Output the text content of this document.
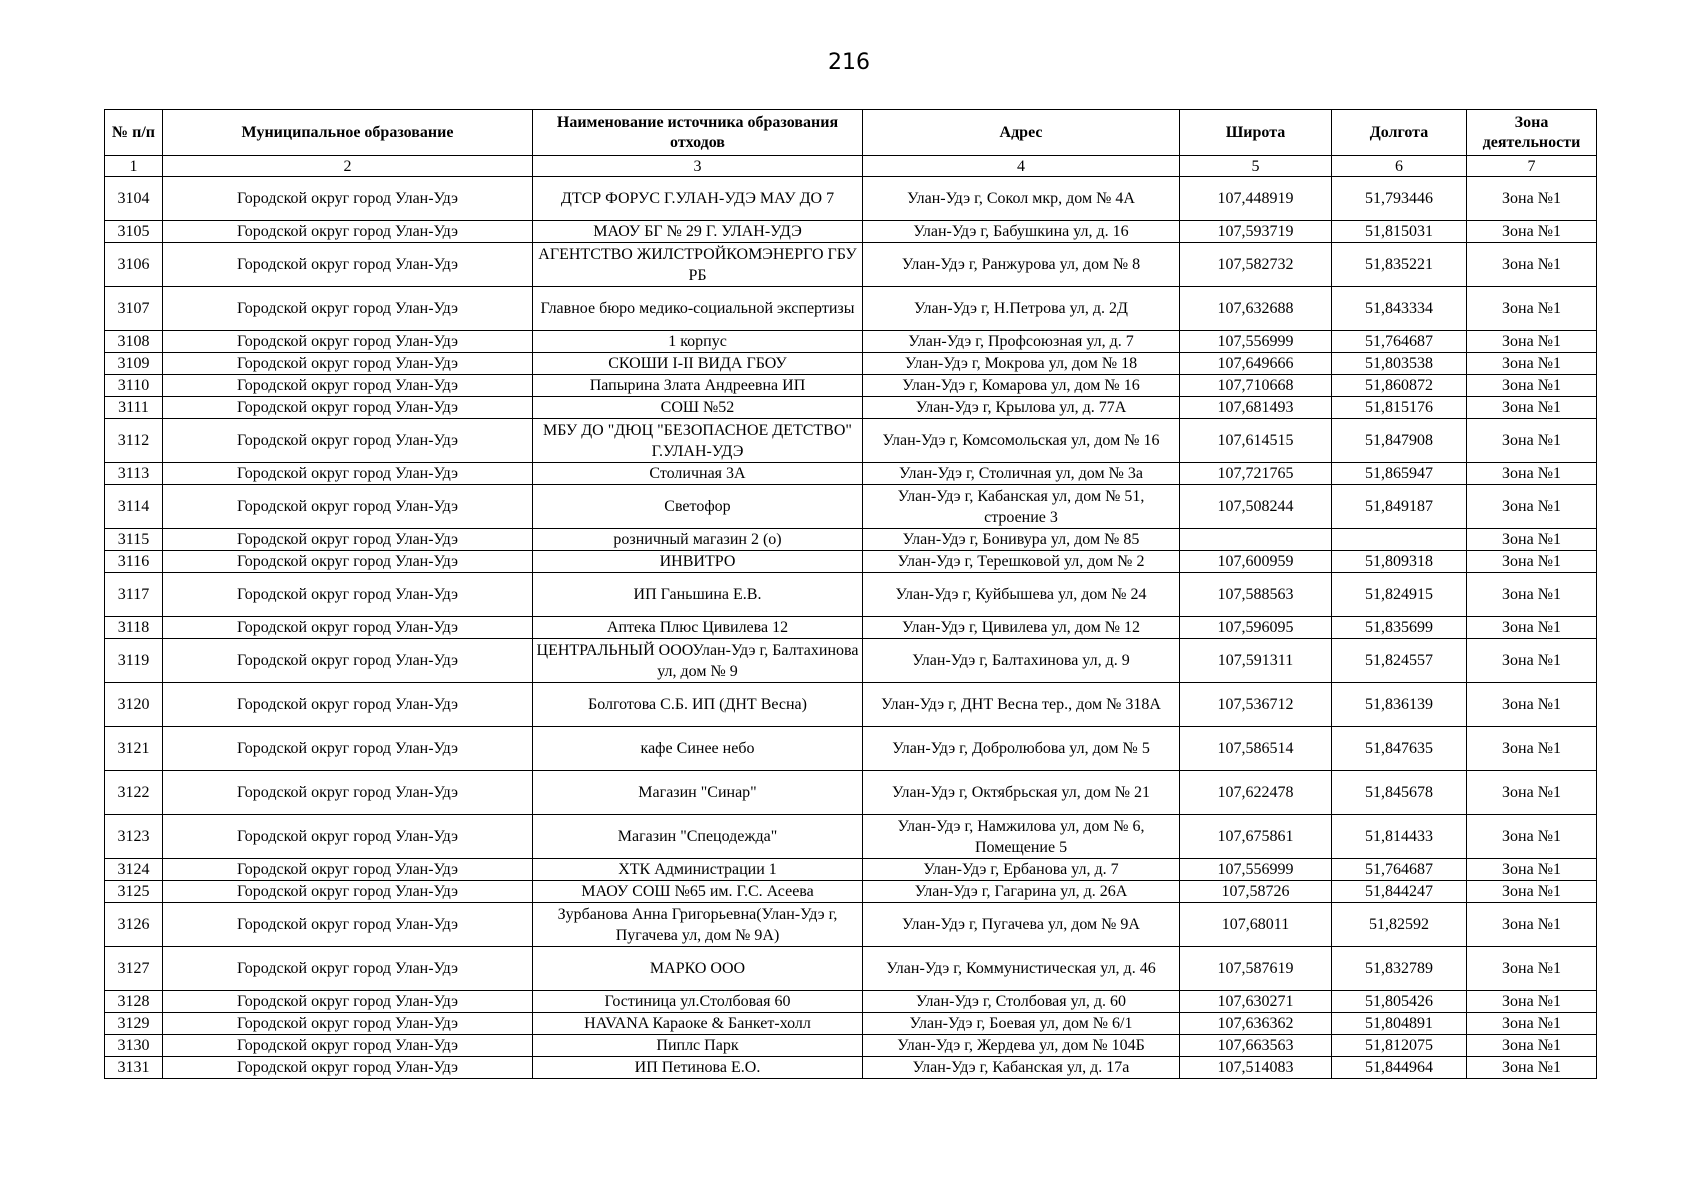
216
№ п/п	Муниципальное образование	Наименование источника образования отходов	Адрес	Широта	Долгота	Зона деятельности
1	2	3	4	5	6	7
3104	Городской округ город Улан-Удэ	ДТСР ФОРУС Г.УЛАН-УДЭ МАУ ДО 7	Улан-Удэ г, Сокол мкр, дом № 4А	107,448919	51,793446	Зона №1
3105	Городской округ город Улан-Удэ	МАОУ БГ № 29 Г. УЛАН-УДЭ	Улан-Удэ г, Бабушкина ул, д. 16	107,593719	51,815031	Зона №1
3106	Городской округ город Улан-Удэ	АГЕНТСТВО ЖИЛСТРОЙКОМЭНЕРГО ГБУ РБ	Улан-Удэ г, Ранжурова ул, дом № 8	107,582732	51,835221	Зона №1
3107	Городской округ город Улан-Удэ	Главное бюро медико-социальной экспертизы	Улан-Удэ г, Н.Петрова ул, д. 2Д	107,632688	51,843334	Зона №1
3108	Городской округ город Улан-Удэ	1 корпус	Улан-Удэ г, Профсоюзная ул, д. 7	107,556999	51,764687	Зона №1
3109	Городской округ город Улан-Удэ	СКОШИ I-II ВИДА ГБОУ	Улан-Удэ г, Мокрова ул, дом № 18	107,649666	51,803538	Зона №1
3110	Городской округ город Улан-Удэ	Папырина Злата Андреевна ИП	Улан-Удэ г, Комарова ул, дом № 16	107,710668	51,860872	Зона №1
3111	Городской округ город Улан-Удэ	СОШ №52	Улан-Удэ г, Крылова ул, д. 77А	107,681493	51,815176	Зона №1
3112	Городской округ город Улан-Удэ	МБУ ДО "ДЮЦ "БЕЗОПАСНОЕ ДЕТСТВО" Г.УЛАН-УДЭ	Улан-Удэ г, Комсомольская ул, дом № 16	107,614515	51,847908	Зона №1
3113	Городской округ город Улан-Удэ	Столичная 3А	Улан-Удэ г, Столичная ул, дом № 3а	107,721765	51,865947	Зона №1
3114	Городской округ город Улан-Удэ	Светофор	Улан-Удэ г, Кабанская ул, дом № 51, строение 3	107,508244	51,849187	Зона №1
3115	Городской округ город Улан-Удэ	розничный магазин 2 (о)	Улан-Удэ г, Бонивура ул, дом № 85			Зона №1
3116	Городской округ город Улан-Удэ	ИНВИТРО	Улан-Удэ г, Терешковой ул, дом № 2	107,600959	51,809318	Зона №1
3117	Городской округ город Улан-Удэ	ИП Ганьшина Е.В.	Улан-Удэ г, Куйбышева ул, дом № 24	107,588563	51,824915	Зона №1
3118	Городской округ город Улан-Удэ	Аптека Плюс Цивилева 12	Улан-Удэ г, Цивилева ул, дом № 12	107,596095	51,835699	Зона №1
3119	Городской округ город Улан-Удэ	ЦЕНТРАЛЬНЫЙ ОООУлан-Удэ г, Балтахинова ул, дом № 9	Улан-Удэ г, Балтахинова ул, д. 9	107,591311	51,824557	Зона №1
3120	Городской округ город Улан-Удэ	Болготова С.Б. ИП (ДНТ Весна)	Улан-Удэ г, ДНТ Весна тер., дом № 318А	107,536712	51,836139	Зона №1
3121	Городской округ город Улан-Удэ	кафе Синее небо	Улан-Удэ г, Добролюбова ул, дом № 5	107,586514	51,847635	Зона №1
3122	Городской округ город Улан-Удэ	Магазин "Синар"	Улан-Удэ г, Октябрьская ул, дом № 21	107,622478	51,845678	Зона №1
3123	Городской округ город Улан-Удэ	Магазин "Спецодежда"	Улан-Удэ г, Намжилова ул, дом № 6, Помещение 5	107,675861	51,814433	Зона №1
3124	Городской округ город Улан-Удэ	ХТК Администрации 1	Улан-Удэ г, Ербанова ул, д. 7	107,556999	51,764687	Зона №1
3125	Городской округ город Улан-Удэ	МАОУ СОШ №65 им. Г.С. Асеева	Улан-Удэ г, Гагарина ул, д. 26А	107,58726	51,844247	Зона №1
3126	Городской округ город Улан-Удэ	Зурбанова Анна Григорьевна(Улан-Удэ г, Пугачева ул, дом № 9А)	Улан-Удэ г, Пугачева ул, дом № 9А	107,68011	51,82592	Зона №1
3127	Городской округ город Улан-Удэ	МАРКО ООО	Улан-Удэ г, Коммунистическая ул, д. 46	107,587619	51,832789	Зона №1
3128	Городской округ город Улан-Удэ	Гостиница ул.Столбовая 60	Улан-Удэ г, Столбовая ул, д. 60	107,630271	51,805426	Зона №1
3129	Городской округ город Улан-Удэ	HAVANA Караоке & Банкет-холл	Улан-Удэ г, Боевая ул, дом № 6/1	107,636362	51,804891	Зона №1
3130	Городской округ город Улан-Удэ	Пиплс Парк	Улан-Удэ г, Жердева ул, дом № 104Б	107,663563	51,812075	Зона №1
3131	Городской округ город Улан-Удэ	ИП Петинова Е.О.	Улан-Удэ г, Кабанская ул, д. 17а	107,514083	51,844964	Зона №1
